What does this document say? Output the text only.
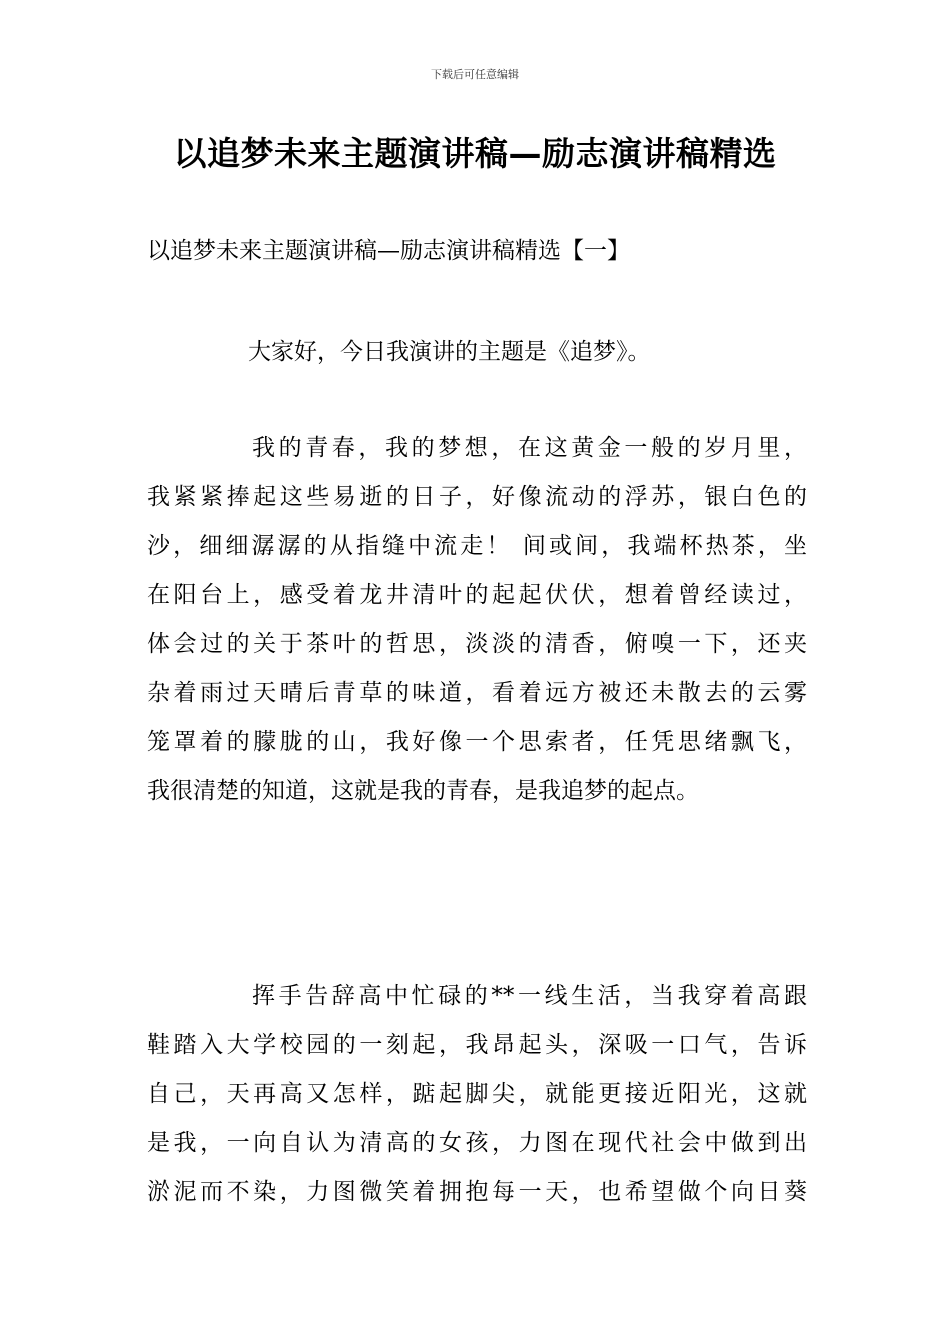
下载后可任意编辑
以追梦未来主题演讲稿—励志演讲稿精选

以追梦未来主题演讲稿—励志演讲稿精选【一】

大家好，今日我演讲的主题是《追梦》。

我的青春，我的梦想，在这黄金一般的岁月里，
我紧紧捧起这些易逝的日子，好像流动的浮苏，银白色的
沙，细细潺潺的从指缝中流走！ 间或间，我端杯热茶，坐
在阳台上，感受着龙井清叶的起起伏伏，想着曾经读过，
体会过的关于茶叶的哲思，淡淡的清香，俯嗅一下，还夹
杂着雨过天晴后青草的味道，看着远方被还未散去的云雾
笼罩着的朦胧的山，我好像一个思索者，任凭思绪飘飞，
我很清楚的知道，这就是我的青春，是我追梦的起点。
挥手告辞高中忙碌的**一线生活，当我穿着高跟
鞋踏入大学校园的一刻起，我昂起头，深吸一口气，告诉
自己，天再高又怎样，踮起脚尖，就能更接近阳光，这就
是我，一向自认为清高的女孩，力图在现代社会中做到出
淤泥而不染，力图微笑着拥抱每一天，也希望做个向日葵
